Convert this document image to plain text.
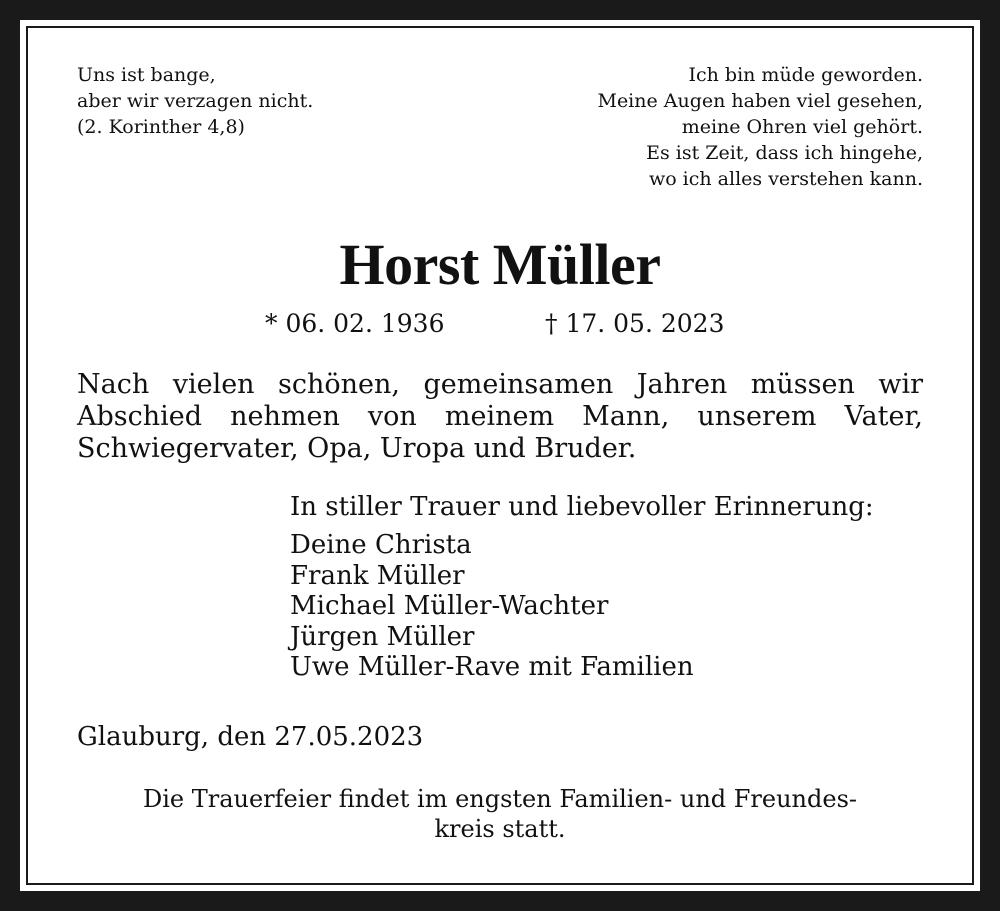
Uns ist bange,
aber wir verzagen nicht.
(2. Korinther 4,8)
Ich bin müde geworden.
Meine Augen haben viel gesehen,
meine Ohren viel gehört.
Es ist Zeit, dass ich hingehe,
wo ich alles verstehen kann.
Horst Müller
* 06. 02. 1936	† 17. 05. 2023
Nach vielen schönen, gemeinsamen Jahren müssen wir
Abschied nehmen von meinem Mann, unserem Vater,
Schwiegervater, Opa, Uropa und Bruder.
In stiller Trauer und liebevoller Erinnerung:
Deine Christa
Frank Müller
Michael Müller-Wachter
Jürgen Müller
Uwe Müller-Rave mit Familien
Glauburg, den 27.05.2023
Die Trauerfeier findet im engsten Familien- und Freundes-
kreis statt.
